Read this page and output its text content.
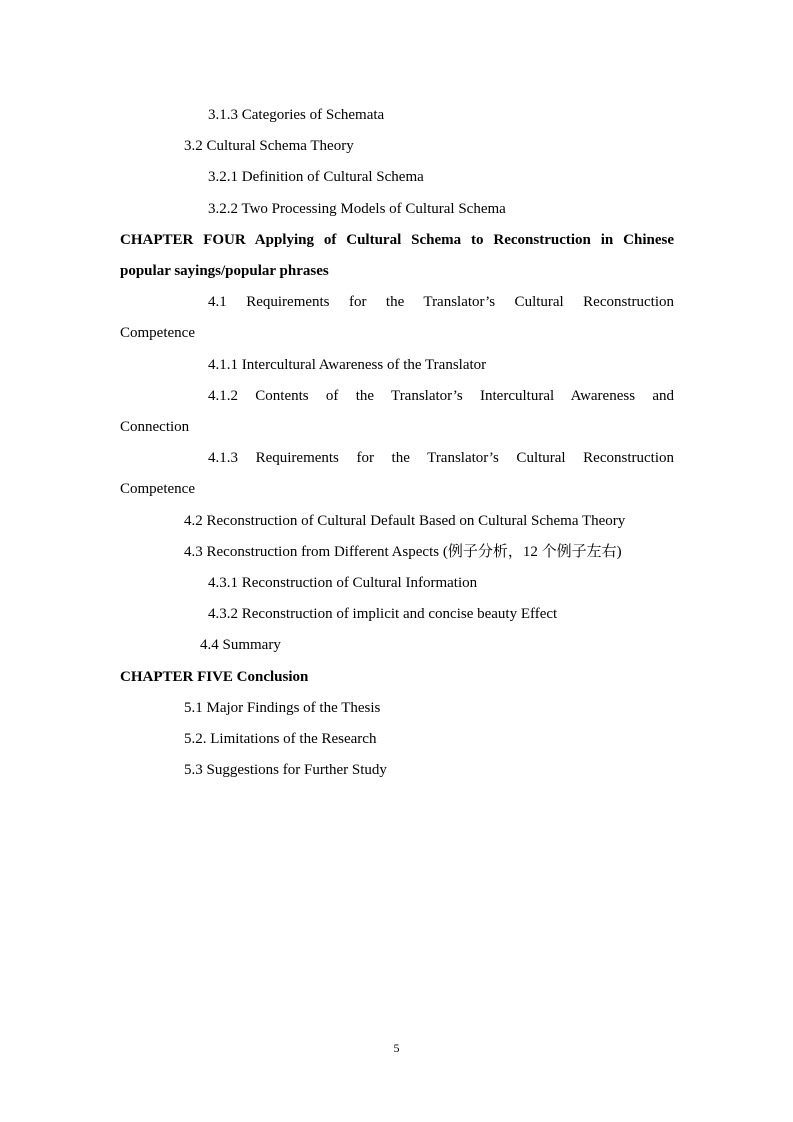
3.1.3 Categories of Schemata
3.2 Cultural Schema Theory
3.2.1 Definition of Cultural Schema
3.2.2 Two Processing Models of Cultural Schema
CHAPTER FOUR Applying of Cultural Schema to Reconstruction in Chinese
popular sayings/popular phrases
4.1 Requirements for the Translator’s Cultural Reconstruction
Competence
4.1.1 Intercultural Awareness of the Translator
4.1.2 Contents of the Translator’s Intercultural Awareness and
Connection
4.1.3 Requirements for the Translator’s Cultural Reconstruction
Competence
4.2 Reconstruction of Cultural Default Based on Cultural Schema Theory
4.3 Reconstruction from Different Aspects (例子分析，12 个例子左右)
4.3.1 Reconstruction of Cultural Information
4.3.2 Reconstruction of implicit and concise beauty Effect
4.4 Summary
CHAPTER FIVE Conclusion
5.1 Major Findings of the Thesis
5.2. Limitations of the Research
5.3 Suggestions for Further Study
5
